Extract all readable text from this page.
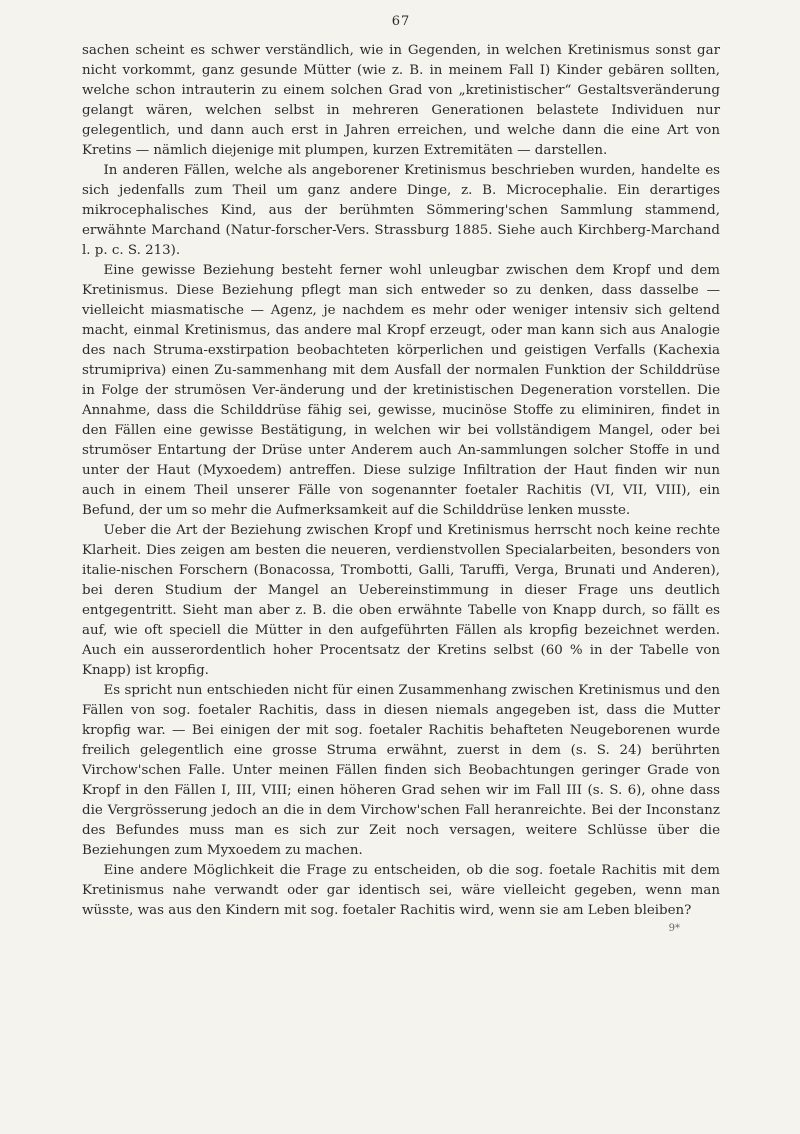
67

sachen scheint es schwer verständlich, wie in Gegenden, in welchen Kretinismus sonst gar nicht vorkommt, ganz gesunde Mütter (wie z. B. in meinem Fall I) Kinder gebären sollten, welche schon intrauterin zu einem solchen Grad von „kretinistischer“ Gestaltsveränderung gelangt wären, welchen selbst in mehreren Generationen belastete Individuen nur gelegentlich, und dann auch erst in Jahren erreichen, und welche dann die eine Art von Kretins — nämlich diejenige mit plumpen, kurzen Extremitäten — darstellen.

In anderen Fällen, welche als angeborener Kretinismus beschrieben wurden, handelte es sich jedenfalls zum Theil um ganz andere Dinge, z. B. Microcephalie. Ein derartiges mikrocephalisches Kind, aus der berühmten Sömmering'schen Sammlung stammend, erwähnte Marchand (Natur-forscher-Vers. Strassburg 1885. Siehe auch Kirchberg-Marchand l. p. c. S. 213).

Eine gewisse Beziehung besteht ferner wohl unleugbar zwischen dem Kropf und dem Kretinismus. Diese Beziehung pflegt man sich entweder so zu denken, dass dasselbe — vielleicht miasmatische — Agenz, je nachdem es mehr oder weniger intensiv sich geltend macht, einmal Kretinismus, das andere mal Kropf erzeugt, oder man kann sich aus Analogie des nach Struma-exstirpation beobachteten körperlichen und geistigen Verfalls (Kachexia strumipriva) einen Zu-sammenhang mit dem Ausfall der normalen Funktion der Schilddrüse in Folge der strumösen Ver-änderung und der kretinistischen Degeneration vorstellen. Die Annahme, dass die Schilddrüse fähig sei, gewisse, mucinöse Stoffe zu eliminiren, findet in den Fällen eine gewisse Bestätigung, in welchen wir bei vollständigem Mangel, oder bei strumöser Entartung der Drüse unter Anderem auch An-sammlungen solcher Stoffe in und unter der Haut (Myxoedem) antreffen. Diese sulzige Infiltration der Haut finden wir nun auch in einem Theil unserer Fälle von sogenannter foetaler Rachitis (VI, VII, VIII), ein Befund, der um so mehr die Aufmerksamkeit auf die Schilddrüse lenken musste.

Ueber die Art der Beziehung zwischen Kropf und Kretinismus herrscht noch keine rechte Klarheit. Dies zeigen am besten die neueren, verdienstvollen Specialarbeiten, besonders von italie-nischen Forschern (Bonacossa, Trombotti, Galli, Taruffi, Verga, Brunati und Anderen), bei deren Studium der Mangel an Uebereinstimmung in dieser Frage uns deutlich entgegentritt. Sieht man aber z. B. die oben erwähnte Tabelle von Knapp durch, so fällt es auf, wie oft speciell die Mütter in den aufgeführten Fällen als kropfig bezeichnet werden. Auch ein ausserordentlich hoher Procentsatz der Kretins selbst (60 % in der Tabelle von Knapp) ist kropfig.

Es spricht nun entschieden nicht für einen Zusammenhang zwischen Kretinismus und den Fällen von sog. foetaler Rachitis, dass in diesen niemals angegeben ist, dass die Mutter kropfig war. — Bei einigen der mit sog. foetaler Rachitis behafteten Neugeborenen wurde freilich gelegentlich eine grosse Struma erwähnt, zuerst in dem (s. S. 24) berührten Virchow'schen Falle. Unter meinen Fällen finden sich Beobachtungen geringer Grade von Kropf in den Fällen I, III, VIII; einen höheren Grad sehen wir im Fall III (s. S. 6), ohne dass die Vergrösserung jedoch an die in dem Virchow'schen Fall heranreichte. Bei der Inconstanz des Befundes muss man es sich zur Zeit noch versagen, weitere Schlüsse über die Beziehungen zum Myxoedem zu machen.

Eine andere Möglichkeit die Frage zu entscheiden, ob die sog. foetale Rachitis mit dem Kretinismus nahe verwandt oder gar identisch sei, wäre vielleicht gegeben, wenn man wüsste, was aus den Kindern mit sog. foetaler Rachitis wird, wenn sie am Leben bleiben?

9*
